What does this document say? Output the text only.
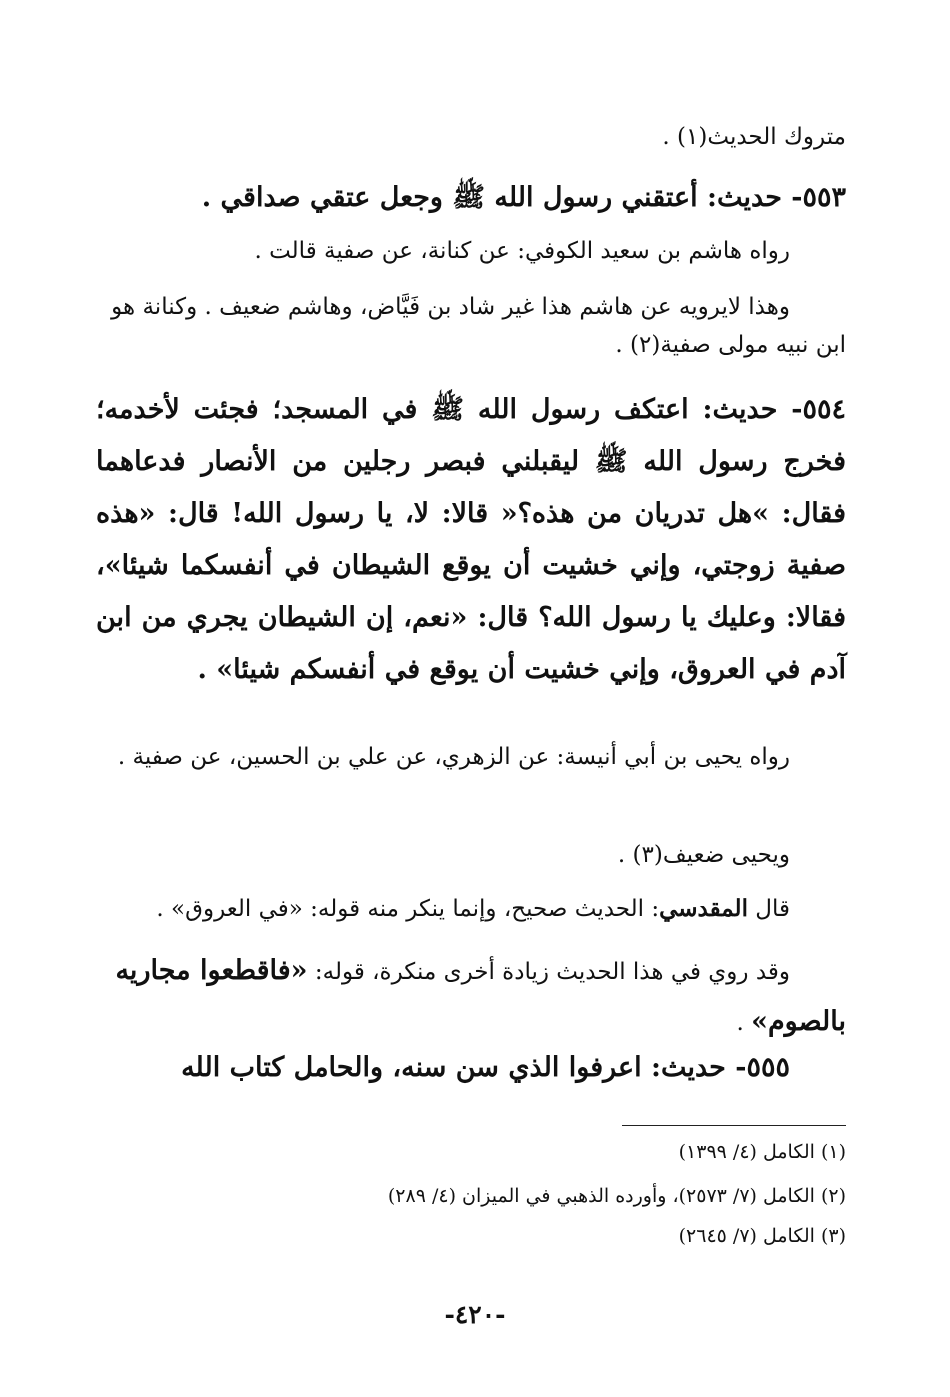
متروك الحديث(١) .

٥٥٣- حديث: أعتقني رسول الله ﷺ وجعل عتقي صداقي .

رواه هاشم بن سعيد الكوفي: عن كنانة، عن صفية قالت .

وهذا لايرويه عن هاشم هذا غير شاد بن فَيَّاض، وهاشم ضعيف . وكنانة هو ابن نبيه مولى صفية(٢) .

٥٥٤- حديث: اعتكف رسول الله ﷺ في المسجد؛ فجئت لأخدمه؛ فخرج رسول الله ﷺ ليقبلني فبصر رجلين من الأنصار فدعاهما فقال: »هل تدريان من هذه؟« قالا: لا، يا رسول الله! قال: «هذه صفية زوجتي، وإني خشيت أن يوقع الشيطان في أنفسكما شيئا»، فقالا: وعليك يا رسول الله؟ قال: «نعم، إن الشيطان يجري من ابن آدم في العروق، وإني خشيت أن يوقع في أنفسكم شيئا» .

رواه يحيى بن أبي أنيسة: عن الزهري، عن علي بن الحسين، عن صفية .

ويحيى ضعيف(٣) .

قال المقدسي: الحديث صحيح، وإنما ينكر منه قوله: «في العروق» .

وقد روي في هذا الحديث زيادة أخرى منكرة، قوله: «فاقطعوا مجاريه بالصوم» .

٥٥٥- حديث: اعرفوا الذي سن سنه، والحامل كتاب الله

(١) الكامل (٤/ ١٣٩٩)
(٢) الكامل (٧/ ٢٥٧٣)، وأورده الذهبي في الميزان (٤/ ٢٨٩)
(٣) الكامل (٧/ ٢٦٤٥)
-٤٢٠-
